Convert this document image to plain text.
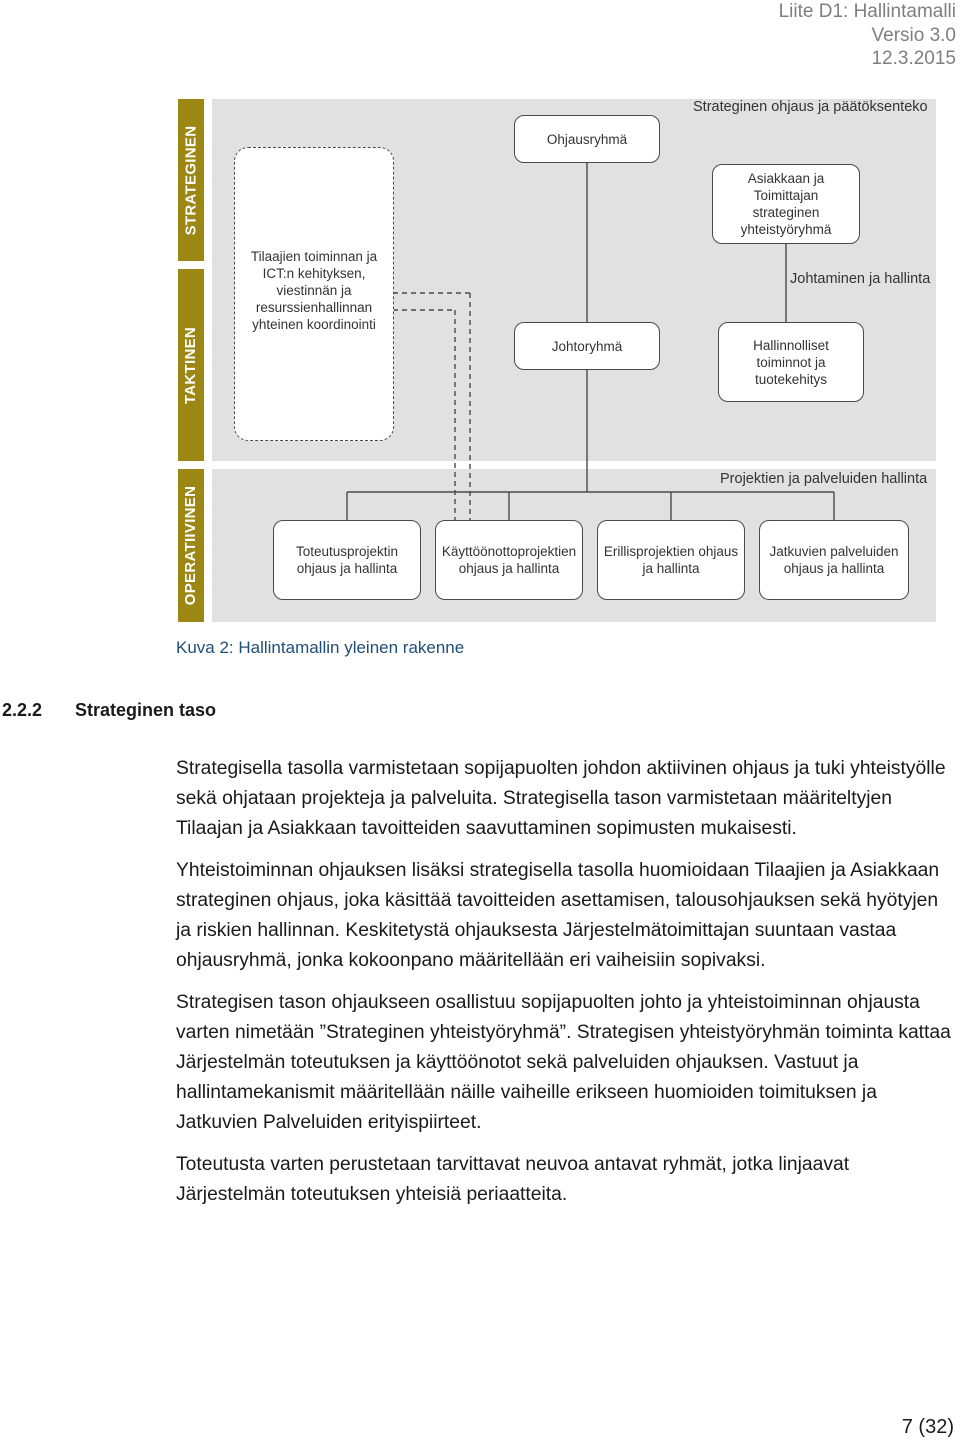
Liite D1: Hallintamalli
Versio 3.0
12.3.2015
STRATEGINEN
TAKTINEN
OPERATIIVINEN
Strateginen ohjaus ja päätöksenteko
Johtaminen ja hallinta
Projektien ja palveluiden hallinta
Tilaajien toiminnan ja ICT:n kehityksen, viestinnän ja resurssienhallinnan yhteinen koordinointi
Ohjausryhmä
Asiakkaan ja Toimittajan strateginen yhteistyöryhmä
Johtoryhmä	Hallinnolliset toiminnot ja tuotekehitys
Toteutusprojektin ohjaus ja hallinta
Käyttöönottoprojektien ohjaus ja hallinta
Erillisprojektien ohjaus ja hallinta
Jatkuvien palveluiden ohjaus ja hallinta
Kuva 2: Hallintamallin yleinen rakenne
2.2.2 Strateginen taso

Strategisella tasolla varmistetaan sopijapuolten johdon aktiivinen ohjaus ja tuki yhteistyölle sekä ohjataan projekteja ja palveluita. Strategisella tason varmistetaan määriteltyjen Tilaajan ja Asiakkaan tavoitteiden saavuttaminen sopimusten mukaisesti.

Yhteistoiminnan ohjauksen lisäksi strategisella tasolla huomioidaan Tilaajien ja Asiakkaan strateginen ohjaus, joka käsittää tavoitteiden asettamisen, talousohjauksen sekä hyötyjen ja riskien hallinnan. Keskitetystä ohjauksesta Järjestelmätoimittajan suuntaan vastaa ohjausryhmä, jonka kokoonpano määritellään eri vaiheisiin sopivaksi.

Strategisen tason ohjaukseen osallistuu sopijapuolten johto ja yhteistoiminnan ohjausta varten nimetään ”Strateginen yhteistyöryhmä”. Strategisen yhteistyöryhmän toiminta kattaa Järjestelmän toteutuksen ja käyttöönotot sekä palveluiden ohjauksen. Vastuut ja hallintamekanismit määritellään näille vaiheille erikseen huomioiden toimituksen ja Jatkuvien Palveluiden erityispiirteet.

Toteutusta varten perustetaan tarvittavat neuvoa antavat ryhmät, jotka linjaavat Järjestelmän toteutuksen yhteisiä periaatteita.

7 (32)
